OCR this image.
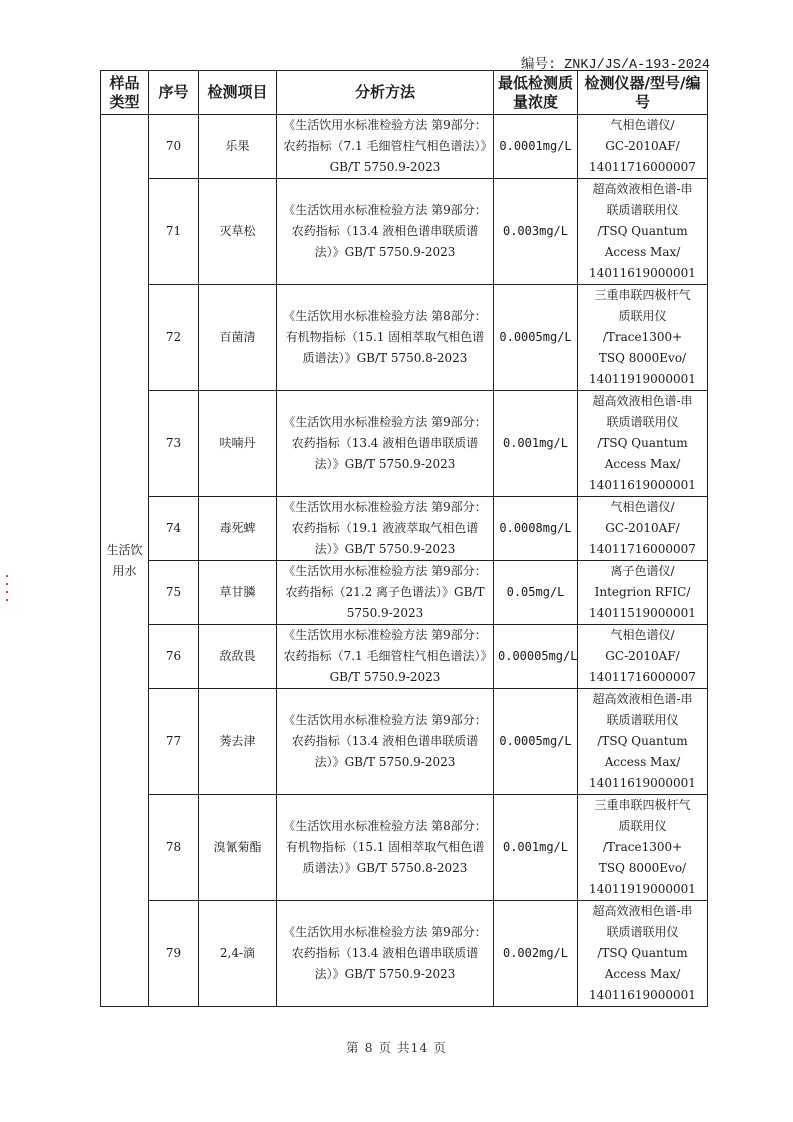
编号: ZNKJ/JS/A-193-2024
样品类型	序号	检测项目	分析方法	最低检测质量浓度	检测仪器/型号/编号
生活饮用水	70	乐果	《生活饮用水标准检验方法 第9部分：农药指标（7.1 毛细管柱气相色谱法）》GB/T 5750.9-2023	0.0001mg/L	气相色谱仪/
GC-2010AF/
14011716000007

	71	灭草松	《生活饮用水标准检验方法 第9部分：农药指标（13.4 液相色谱串联质谱法）》GB/T 5750.9-2023	0.003mg/L	超高效液相色谱-串
联质谱联用仪
/TSQ Quantum
Access Max/
14011619000001

	72	百菌清	《生活饮用水标准检验方法 第8部分：有机物指标（15.1 固相萃取气相色谱质谱法）》GB/T 5750.8-2023	0.0005mg/L	三重串联四极杆气
质联用仪
/Trace1300+
TSQ 8000Evo/
14011919000001

	73	呋喃丹	《生活饮用水标准检验方法 第9部分：农药指标（13.4 液相色谱串联质谱法）》GB/T 5750.9-2023	0.001mg/L	超高效液相色谱-串
联质谱联用仪
/TSQ Quantum
Access Max/
14011619000001

	74	毒死蜱	《生活饮用水标准检验方法 第9部分：农药指标（19.1 液液萃取气相色谱法）》GB/T 5750.9-2023	0.0008mg/L	气相色谱仪/
GC-2010AF/
14011716000007

	75	草甘膦	《生活饮用水标准检验方法 第9部分：农药指标（21.2 离子色谱法）》GB/T 5750.9-2023	0.05mg/L	离子色谱仪/
Integrion RFIC/
14011519000001

	76	敌敌畏	《生活饮用水标准检验方法 第9部分：农药指标（7.1 毛细管柱气相色谱法）》GB/T 5750.9-2023	0.00005mg/L	气相色谱仪/
GC-2010AF/
14011716000007

	77	莠去津	《生活饮用水标准检验方法 第9部分：农药指标（13.4 液相色谱串联质谱法）》GB/T 5750.9-2023	0.0005mg/L	超高效液相色谱-串
联质谱联用仪
/TSQ Quantum
Access Max/
14011619000001

	78	溴氰菊酯	《生活饮用水标准检验方法 第8部分：有机物指标（15.1 固相萃取气相色谱质谱法）》GB/T 5750.8-2023	0.001mg/L	三重串联四极杆气
质联用仪
/Trace1300+
TSQ 8000Evo/
14011919000001

	79	2,4-滴	《生活饮用水标准检验方法 第9部分：农药指标（13.4 液相色谱串联质谱法）》GB/T 5750.9-2023	0.002mg/L	超高效液相色谱-串
联质谱联用仪
/TSQ Quantum
Access Max/
14011619000001
第 8 页 共14 页
